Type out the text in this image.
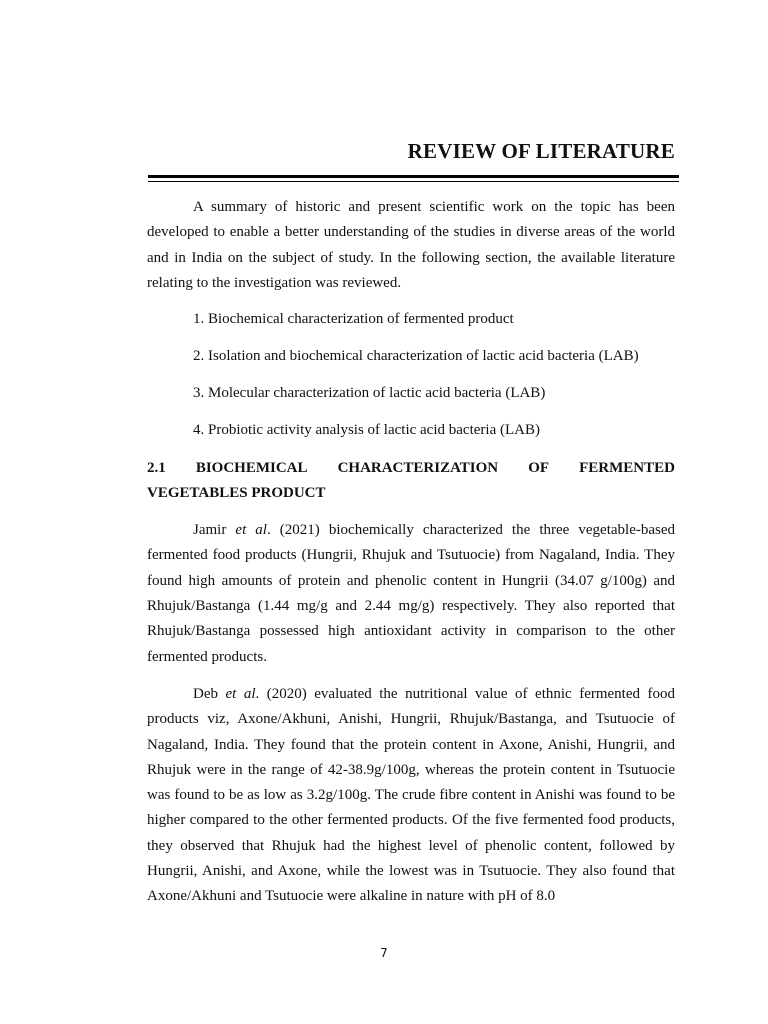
REVIEW OF LITERATURE

A summary of historic and present scientific work on the topic has been developed to enable a better understanding of the studies in diverse areas of the world and in India on the subject of study. In the following section, the available literature relating to the investigation was reviewed.

1. Biochemical characterization of fermented product
2. Isolation and biochemical characterization of lactic acid bacteria (LAB)
3. Molecular characterization of lactic acid bacteria (LAB)
4. Probiotic activity analysis of lactic acid bacteria (LAB)
2.1 BIOCHEMICAL CHARACTERIZATION OF FERMENTED
VEGETABLES PRODUCT

Jamir et al. (2021) biochemically characterized the three vegetable-based fermented food products (Hungrii, Rhujuk and Tsutuocie) from Nagaland, India. They found high amounts of protein and phenolic content in Hungrii (34.07 g/100g) and Rhujuk/Bastanga (1.44 mg/g and 2.44 mg/g) respectively. They also reported that Rhujuk/Bastanga possessed high antioxidant activity in comparison to the other fermented products.

Deb et al. (2020) evaluated the nutritional value of ethnic fermented food products viz, Axone/Akhuni, Anishi, Hungrii, Rhujuk/Bastanga, and Tsutuocie of Nagaland, India. They found that the protein content in Axone, Anishi, Hungrii, and Rhujuk were in the range of 42-38.9g/100g, whereas the protein content in Tsutuocie was found to be as low as 3.2g/100g. The crude fibre content in Anishi was found to be higher compared to the other fermented products. Of the five fermented food products, they observed that Rhujuk had the highest level of phenolic content, followed by Hungrii, Anishi, and Axone, while the lowest was in Tsutuocie. They also found that Axone/Akhuni and Tsutuocie were alkaline in nature with pH of 8.0

7
